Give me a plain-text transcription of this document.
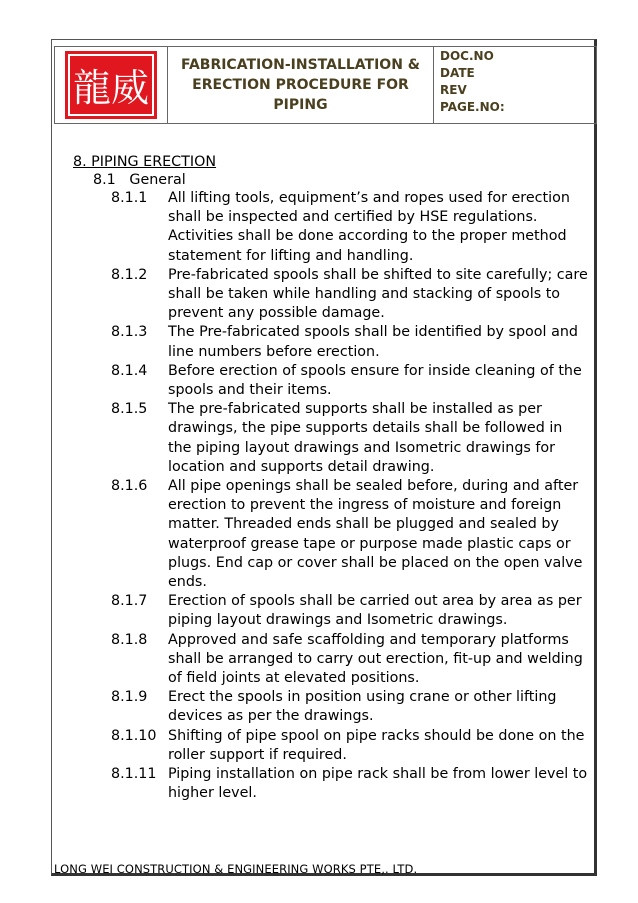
龍威
FABRICATION-INSTALLATION & ERECTION PROCEDURE FOR PIPING
DOC.NO
DATE
REV
PAGE.NO:
8. PIPING ERECTION
8.1   General
8.1.1	All lifting tools, equipment’s and ropes used for erection shall be inspected and certified by HSE regulations. Activities shall be done according to the proper method statement for lifting and handling.
8.1.2	Pre-fabricated spools shall be shifted to site carefully; care shall be taken while handling and stacking of spools to prevent any possible damage.
8.1.3	The Pre-fabricated spools shall be identified by spool and line numbers before erection.
8.1.4	Before erection of spools ensure for inside cleaning of the spools and their items.
8.1.5	The pre-fabricated supports shall be installed as per drawings, the pipe supports details shall be followed in the piping layout drawings and Isometric drawings for location and supports detail drawing.
8.1.6	All pipe openings shall be sealed before, during and after erection to prevent the ingress of moisture and foreign matter. Threaded ends shall be plugged and sealed by waterproof grease tape or purpose made plastic caps or plugs. End cap or cover shall be placed on the open valve ends.
8.1.7	Erection of spools shall be carried out area by area as per piping layout drawings and Isometric drawings.
8.1.8	Approved and safe scaffolding and temporary platforms shall be arranged to carry out erection, fit-up and welding of field joints at elevated positions.
8.1.9	Erect the spools in position using crane or other lifting devices as per the drawings.
8.1.10 Shifting of pipe spool on pipe racks should be done on the roller support if required.
8.1.11 Piping installation on pipe rack shall be from lower level to higher level.
LONG WEI CONSTRUCTION & ENGINEERING WORKS PTE,. LTD.
